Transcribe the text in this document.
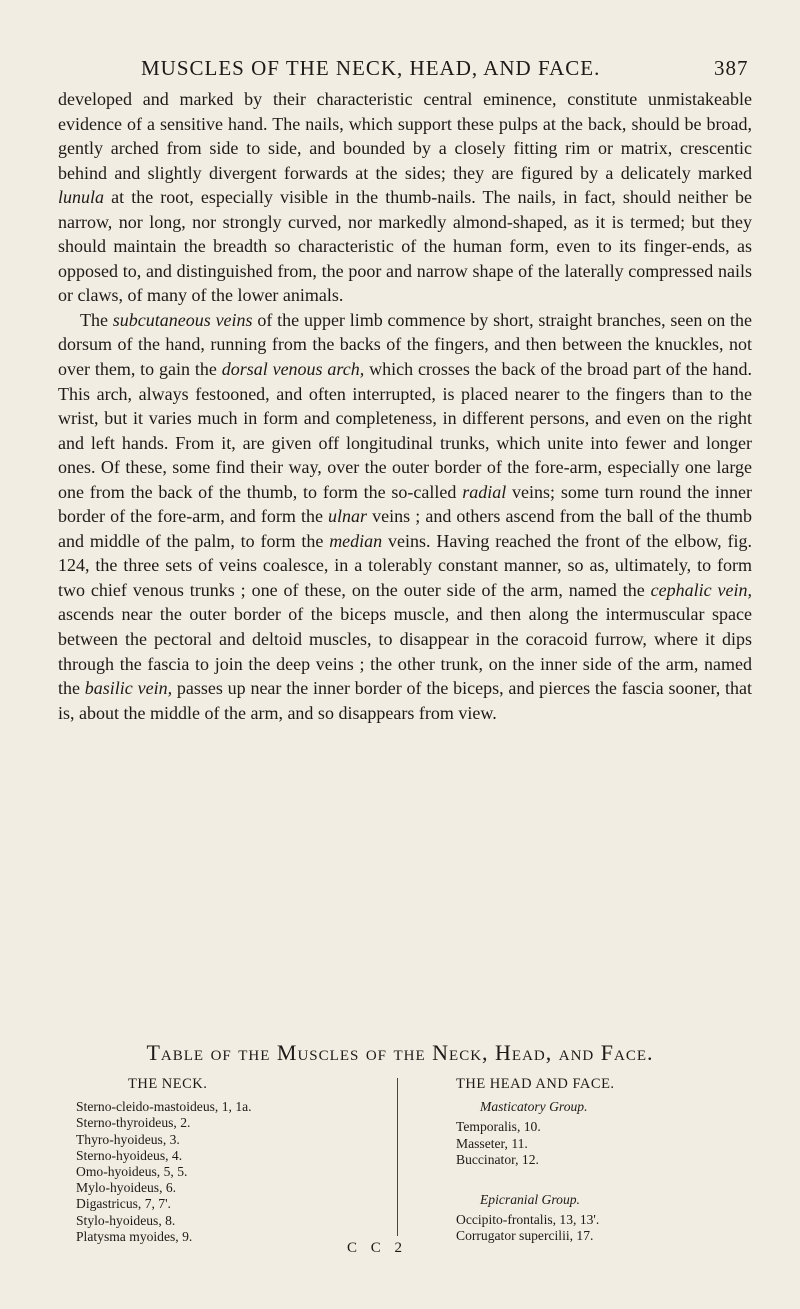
MUSCLES OF THE NECK, HEAD, AND FACE.	387

developed and marked by their characteristic central eminence, constitute unmistakeable evidence of a sensitive hand. The nails, which support these pulps at the back, should be broad, gently arched from side to side, and bounded by a closely fitting rim or matrix, crescentic behind and slightly divergent forwards at the sides; they are figured by a delicately marked lunula at the root, especially visible in the thumb-nails. The nails, in fact, should neither be narrow, nor long, nor strongly curved, nor markedly almond-shaped, as it is termed; but they should maintain the breadth so characteristic of the human form, even to its finger-ends, as opposed to, and distinguished from, the poor and narrow shape of the laterally compressed nails or claws, of many of the lower animals.

The subcutaneous veins of the upper limb commence by short, straight branches, seen on the dorsum of the hand, running from the backs of the fingers, and then between the knuckles, not over them, to gain the dorsal venous arch, which crosses the back of the broad part of the hand. This arch, always festooned, and often interrupted, is placed nearer to the fingers than to the wrist, but it varies much in form and completeness, in different persons, and even on the right and left hands. From it, are given off longitudinal trunks, which unite into fewer and longer ones. Of these, some find their way, over the outer border of the fore-arm, especially one large one from the back of the thumb, to form the so-called radial veins; some turn round the inner border of the fore-arm, and form the ulnar veins ; and others ascend from the ball of the thumb and middle of the palm, to form the median veins. Having reached the front of the elbow, fig. 124, the three sets of veins coalesce, in a tolerably constant manner, so as, ultimately, to form two chief venous trunks ; one of these, on the outer side of the arm, named the cephalic vein, ascends near the outer border of the biceps muscle, and then along the intermuscular space between the pectoral and deltoid muscles, to disappear in the coracoid furrow, where it dips through the fascia to join the deep veins ; the other trunk, on the inner side of the arm, named the basilic vein, passes up near the inner border of the biceps, and pierces the fascia sooner, that is, about the middle of the arm, and so disappears from view.

Table of the Muscles of the Neck, Head, and Face.
THE NECK.
Sterno-cleido-mastoideus, 1, 1a.
Sterno-thyroideus, 2.
Thyro-hyoideus, 3.
Sterno-hyoideus, 4.
Omo-hyoideus, 5, 5.
Mylo-hyoideus, 6.
Digastricus, 7, 7'.
Stylo-hyoideus, 8.
Platysma myoides, 9.
THE HEAD AND FACE.
Masticatory Group.
Temporalis, 10.
Masseter, 11.
Buccinator, 12.
Epicranial Group.
Occipito-frontalis, 13, 13'.
Corrugator supercilii, 17.
C C 2
